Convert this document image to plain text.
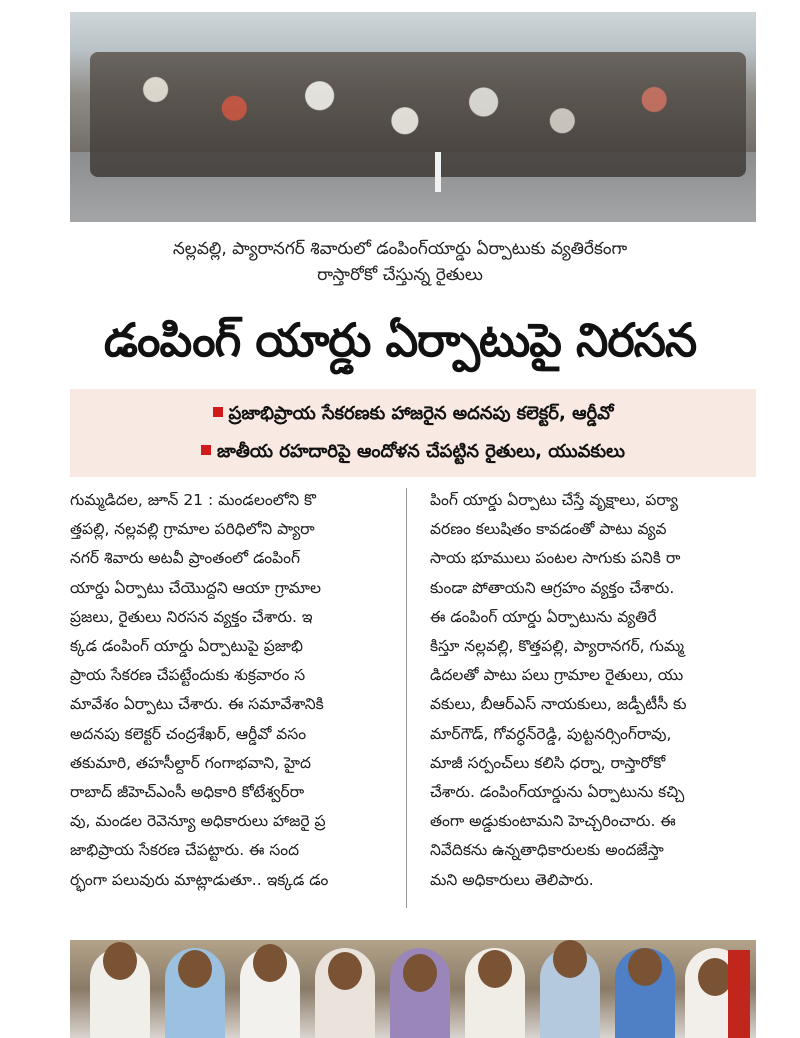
నల్లవల్లి, ప్యారానగర్ శివారులో డంపింగ్‌యార్డు ఏర్పాటుకు వ్యతిరేకంగా
రాస్తారోకో చేస్తున్న రైతులు
డంపింగ్ యార్డు ఏర్పాటుపై నిరసన
ప్రజాభిప్రాయ సేకరణకు హాజరైన అదనపు కలెక్టర్, ఆర్డీవో
జాతీయ రహదారిపై ఆందోళన చేపట్టిన రైతులు, యువకులు

గుమ్మడిదల, జూన్ 21 : మండలంలోని కొ

త్తపల్లి, నల్లవల్లి గ్రామాల పరిధిలోని ప్యారా

నగర్ శివారు అటవీ ప్రాంతంలో డంపింగ్

యార్డు ఏర్పాటు చేయొద్దని ఆయా గ్రామాల

ప్రజలు, రైతులు నిరసన వ్యక్తం చేశారు. ఇ

క్కడ డంపింగ్ యార్డు ఏర్పాటుపై ప్రజాభి

ప్రాయ సేకరణ చేపట్టేందుకు శుక్రవారం స

మావేశం ఏర్పాటు చేశారు. ఈ సమావేశానికి

అదనపు కలెక్టర్ చంద్రశేఖర్, ఆర్డీవో వసం

తకుమారి, తహసీల్దార్ గంగాభవాని, హైద

రాబాద్ జీహెచ్‌ఎంసీ అధికారి కోటేశ్వర్‌రా

వు, మండల రెవెన్యూ అధికారులు హాజరై ప్ర

జాభిప్రాయ సేకరణ చేపట్టారు. ఈ సంద

ర్భంగా పలువురు మాట్లాడుతూ.. ఇక్కడ డం

పింగ్ యార్డు ఏర్పాటు చేస్తే వృక్షాలు, పర్యా

వరణం కలుషితం కావడంతో పాటు వ్యవ

సాయ భూములు పంటల సాగుకు పనికి రా

కుండా పోతాయని ఆగ్రహం వ్యక్తం చేశారు.

ఈ డంపింగ్ యార్డు ఏర్పాటును వ్యతిరే

కిస్తూ నల్లవల్లి, కొత్తపల్లి, ప్యారానగర్, గుమ్మ

డిదలతో పాటు పలు గ్రామాల రైతులు, యు

వకులు, బీఆర్‌ఎస్ నాయకులు, జడ్పీటీసీ కు

మార్‌గౌడ్, గోవర్ధన్‌రెడ్డి, పుట్టనర్సింగ్‌రావు,

మాజీ సర్పంచ్‌లు కలిసి ధర్నా, రాస్తారోకో

చేశారు. డంపింగ్‌యార్డును ఏర్పాటును కచ్చి

తంగా అడ్డుకుంటామని హెచ్చరించారు. ఈ

నివేదికను ఉన్నతాధికారులకు అందజేస్తా

మని అధికారులు తెలిపారు.
